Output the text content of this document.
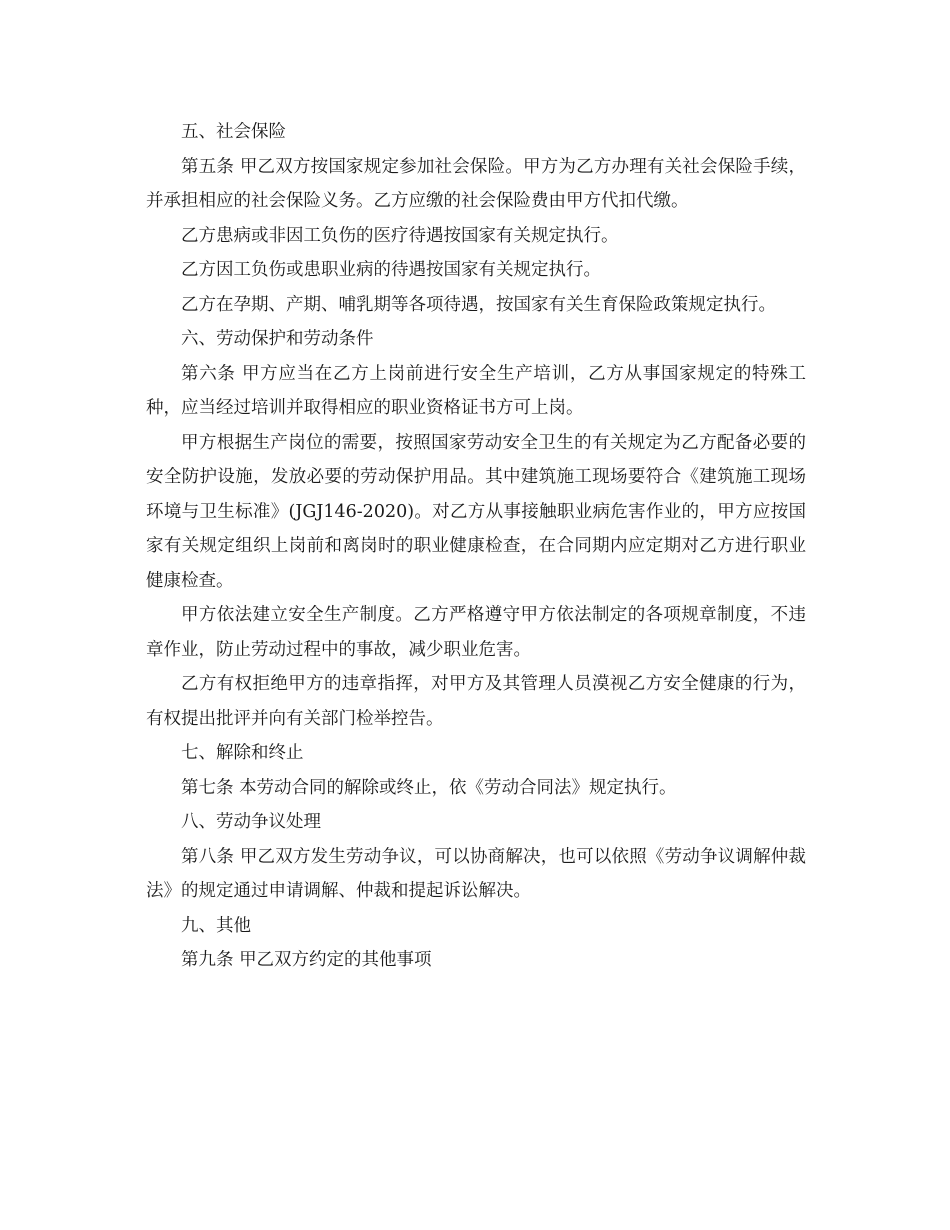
五、社会保险

第五条 甲乙双方按国家规定参加社会保险。甲方为乙方办理有关社会保险手续，并承担相应的社会保险义务。乙方应缴的社会保险费由甲方代扣代缴。

乙方患病或非因工负伤的医疗待遇按国家有关规定执行。

乙方因工负伤或患职业病的待遇按国家有关规定执行。

乙方在孕期、产期、哺乳期等各项待遇，按国家有关生育保险政策规定执行。

六、劳动保护和劳动条件

第六条 甲方应当在乙方上岗前进行安全生产培训，乙方从事国家规定的特殊工种，应当经过培训并取得相应的职业资格证书方可上岗。

甲方根据生产岗位的需要，按照国家劳动安全卫生的有关规定为乙方配备必要的安全防护设施，发放必要的劳动保护用品。其中建筑施工现场要符合《建筑施工现场环境与卫生标准》(JGJ146-2020)。对乙方从事接触职业病危害作业的，甲方应按国家有关规定组织上岗前和离岗时的职业健康检查，在合同期内应定期对乙方进行职业健康检查。

甲方依法建立安全生产制度。乙方严格遵守甲方依法制定的各项规章制度，不违章作业，防止劳动过程中的事故，减少职业危害。

乙方有权拒绝甲方的违章指挥，对甲方及其管理人员漠视乙方安全健康的行为，有权提出批评并向有关部门检举控告。

七、解除和终止

第七条 本劳动合同的解除或终止，依《劳动合同法》规定执行。

八、劳动争议处理

第八条 甲乙双方发生劳动争议，可以协商解决，也可以依照《劳动争议调解仲裁法》的规定通过申请调解、仲裁和提起诉讼解决。

九、其他

第九条 甲乙双方约定的其他事项
